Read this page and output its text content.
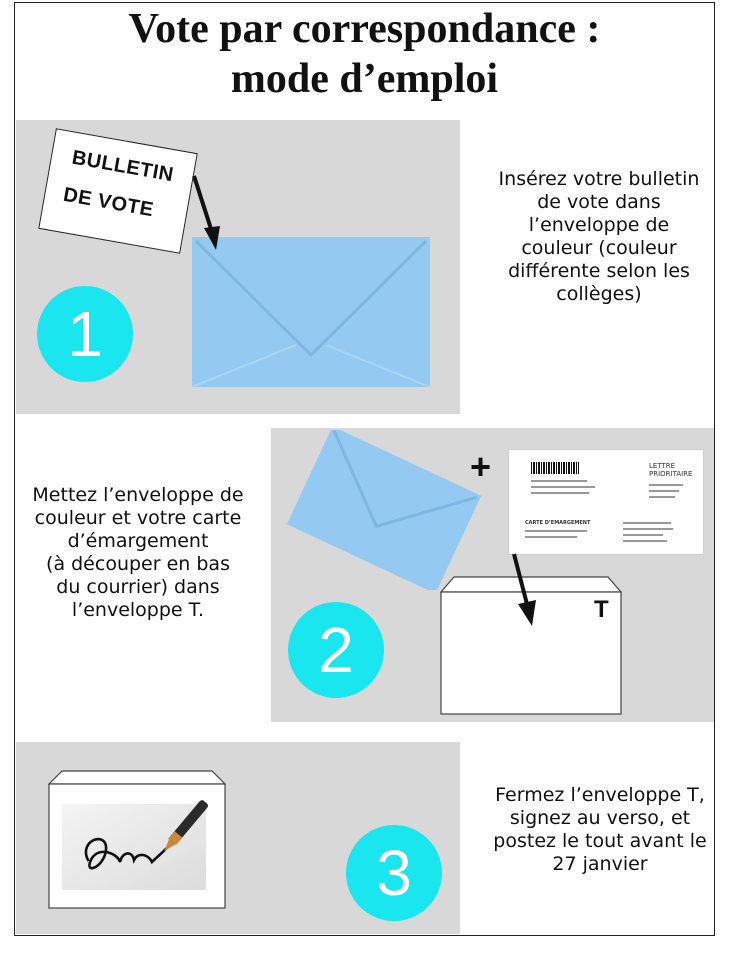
Vote par correspondance :
mode d’emploi
BULLETIN
DE VOTE
1
Insérez votre bulletin
de vote dans
l’enveloppe de
couleur (couleur
différente selon les
collèges)
Mettez l’enveloppe de
couleur et votre carte
d’émargement
(à découper en bas
du courrier) dans
l’enveloppe T.
+	LETTRE
PRIORITAIRE
CARTE D’EMARGEMENT
T
2
3
Fermez l’enveloppe T,
signez au verso, et
postez le tout avant le
27 janvier
